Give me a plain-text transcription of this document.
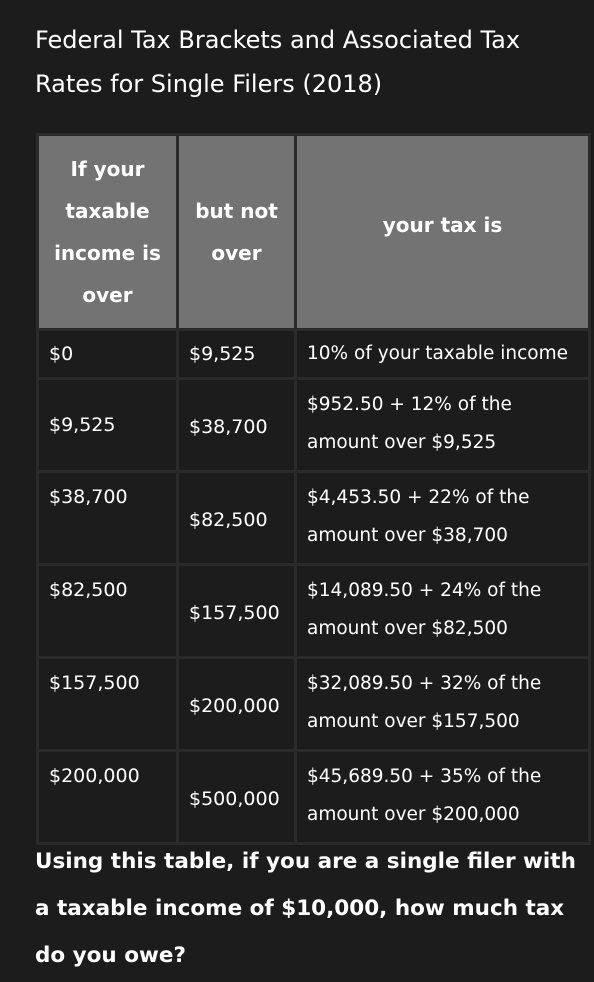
Federal Tax Brackets and Associated Tax Rates for Single Filers (2018)
If your taxable income is over	but not over	your tax is
$0	$9,525	10% of your taxable income
$9,525	$38,700	$952.50 + 12% of the amount over $9,525
$38,700	$82,500	$4,453.50 + 22% of the amount over $38,700
$82,500	$157,500	$14,089.50 + 24% of the amount over $82,500
$157,500	$200,000	$32,089.50 + 32% of the amount over $157,500
$200,000	$500,000	$45,689.50 + 35% of the amount over $200,000

Using this table, if you are a single filer with a taxable income of $10,000, how much tax do you owe?
